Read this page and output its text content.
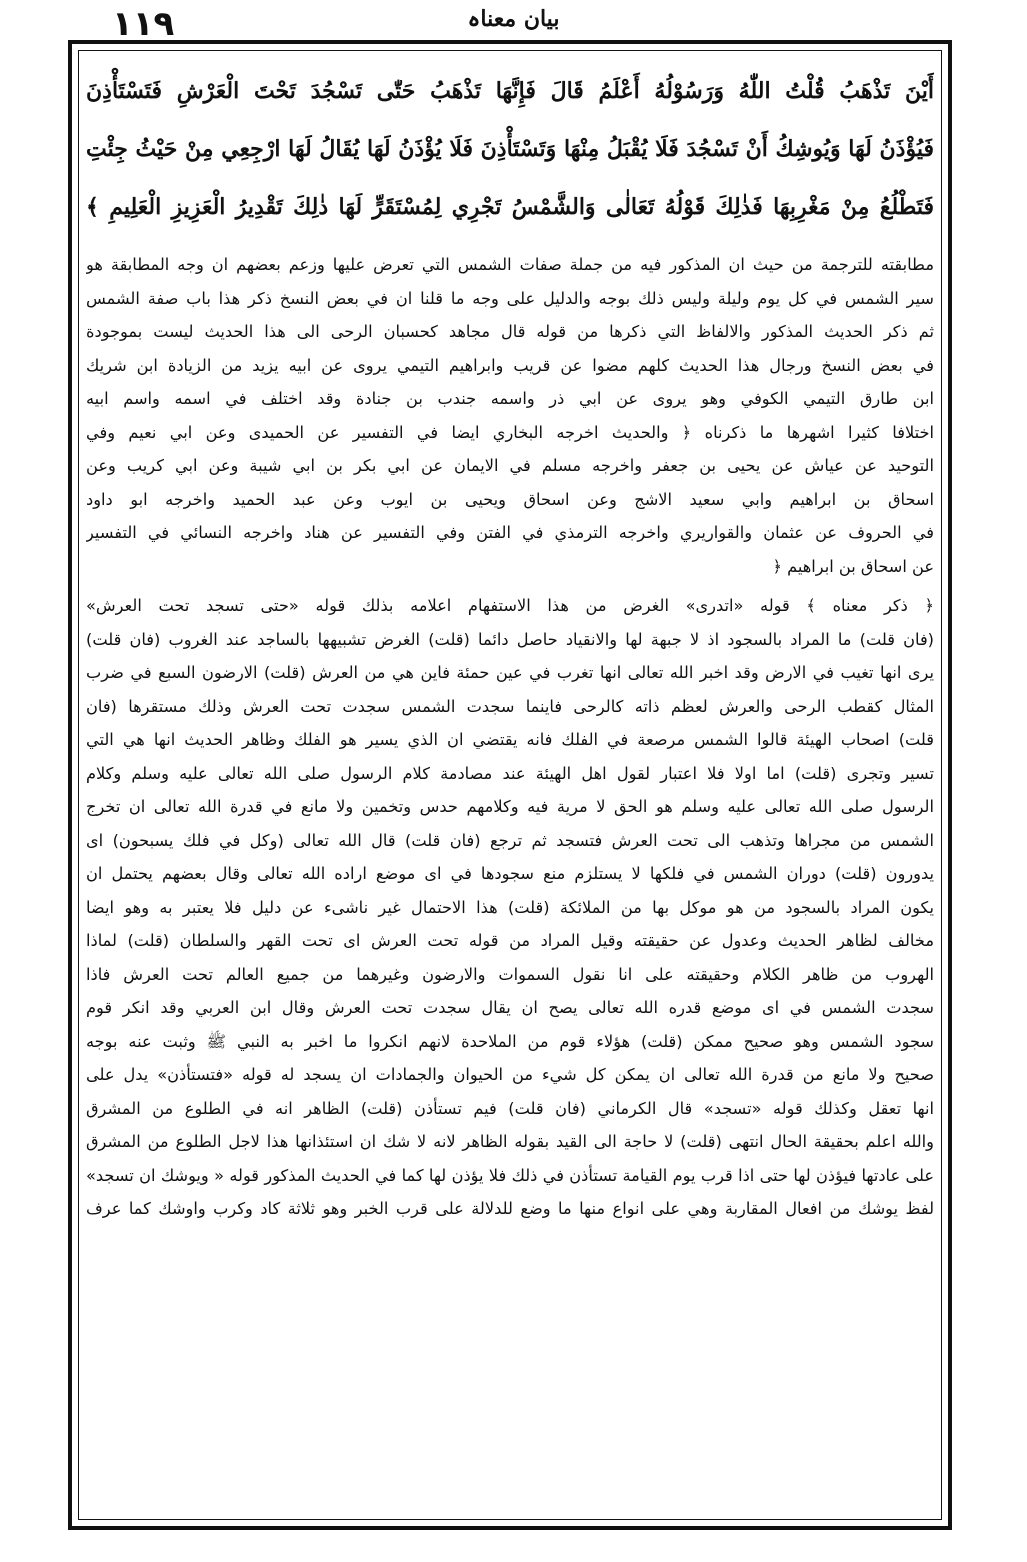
١١٩	بیان معناہ
أَيْنَ تَذْهَبُ قُلْتُ اللّٰهُ وَرَسُوْلُهُ أَعْلَمُ قَالَ فَإِنَّهَا تَذْهَبُ حَتّٰى تَسْجُدَ تَحْتَ الْعَرْشِ فَتَسْتَأْذِنَ
فَيُؤْذَنُ لَهَا وَيُوشِكُ أَنْ تَسْجُدَ فَلَا يُقْبَلُ مِنْهَا وَتَسْتَأْذِنَ فَلَا يُؤْذَنُ لَهَا يُقَالُ لَهَا ارْجِعِي مِنْ حَيْثُ جِئْتِ
فَتَطْلُعُ مِنْ مَغْرِبِهَا فَذٰلِكَ قَوْلُهُ تَعَالٰى وَالشَّمْسُ تَجْرِي لِمُسْتَقَرٍّ لَهَا ذٰلِكَ تَقْدِيرُ الْعَزِيزِ الْعَلِيمِ ﴾
مطابقته للترجمة من حيث ان المذكور فيه من جملة صفات الشمس التي تعرض عليها وزعم بعضهم ان وجه المطابقة هو
سير الشمس في كل يوم وليلة وليس ذلك بوجه والدليل على وجه ما قلنا ان في بعض النسخ ذكر هذا باب صفة الشمس
ثم ذكر الحديث المذكور والالفاظ التي ذكرها من قوله قال مجاهد كحسبان الرحى الى هذا الحديث ليست بموجودة
في بعض النسخ ورجال هذا الحديث كلهم مضوا عن قريب وابراهيم التيمي يروى عن ابيه يزيد من الزيادة ابن شريك
ابن طارق التيمي الكوفي وهو يروى عن ابي ذر واسمه جندب بن جنادة وقد اختلف في اسمه واسم ابيه
اختلافا كثيرا اشهرها ما ذكرناه ﴿ والحديث اخرجه البخاري ايضا في التفسير عن الحميدى وعن ابي نعيم وفي
التوحيد عن عياش عن يحيى بن جعفر واخرجه مسلم في الايمان عن ابي بكر بن ابي شيبة وعن ابي كريب وعن
اسحاق بن ابراهيم وابي سعيد الاشج وعن اسحاق ويحيى بن ايوب وعن عبد الحميد واخرجه ابو داود
في الحروف عن عثمان والقواريري واخرجه الترمذي في الفتن وفي التفسير عن هناد واخرجه النسائي في التفسير
عن اسحاق بن ابراهيم ﴿
﴿ ذكر معناه ﴾ قوله «اتدرى» الغرض من هذا الاستفهام اعلامه بذلك قوله «حتى تسجد تحت العرش»
(فان قلت) ما المراد بالسجود اذ لا جبهة لها والانقياد حاصل دائما (قلت) الغرض تشبيهها بالساجد عند الغروب (فان قلت)
يرى انها تغيب في الارض وقد اخبر الله تعالى انها تغرب في عين حمئة فاين هي من العرش (قلت) الارضون السبع في ضرب
المثال كقطب الرحى والعرش لعظم ذاته كالرحى فاينما سجدت الشمس سجدت تحت العرش وذلك مستقرها (فان
قلت) اصحاب الهيئة قالوا الشمس مرصعة في الفلك فانه يقتضي ان الذي يسير هو الفلك وظاهر الحديث انها هي التي
تسير وتجرى (قلت) اما اولا فلا اعتبار لقول اهل الهيئة عند مصادمة كلام الرسول صلى الله تعالى عليه وسلم وكلام
الرسول صلى الله تعالى عليه وسلم هو الحق لا مرية فيه وكلامهم حدس وتخمين ولا مانع في قدرة الله تعالى ان تخرج
الشمس من مجراها وتذهب الى تحت العرش فتسجد ثم ترجع (فان قلت) قال الله تعالى (وكل في فلك يسبحون) اى
يدورون (قلت) دوران الشمس في فلكها لا يستلزم منع سجودها في اى موضع اراده الله تعالى وقال بعضهم يحتمل ان
يكون المراد بالسجود من هو موكل بها من الملائكة (قلت) هذا الاحتمال غير ناشىء عن دليل فلا يعتبر به وهو ايضا
مخالف لظاهر الحديث وعدول عن حقيقته وقيل المراد من قوله تحت العرش اى تحت القهر والسلطان (قلت) لماذا
الهروب من ظاهر الكلام وحقيقته على انا نقول السموات والارضون وغيرهما من جميع العالم تحت العرش فاذا
سجدت الشمس في اى موضع قدره الله تعالى يصح ان يقال سجدت تحت العرش وقال ابن العربي وقد انكر قوم
سجود الشمس وهو صحيح ممكن (قلت) هؤلاء قوم من الملاحدة لانهم انكروا ما اخبر به النبي ﷺ وثبت عنه بوجه
صحيح ولا مانع من قدرة الله تعالى ان يمكن كل شيء من الحيوان والجمادات ان يسجد له قوله «فتستأذن» يدل على
انها تعقل وكذلك قوله «تسجد» قال الكرماني (فان قلت) فيم تستأذن (قلت) الظاهر انه في الطلوع من المشرق
والله اعلم بحقيقة الحال انتهى (قلت) لا حاجة الى القيد بقوله الظاهر لانه لا شك ان استئذانها هذا لاجل الطلوع من المشرق
على عادتها فيؤذن لها حتى اذا قرب يوم القيامة تستأذن في ذلك فلا يؤذن لها كما في الحديث المذكور قوله « ويوشك ان تسجد»
لفظ يوشك من افعال المقاربة وهي على انواع منها ما وضع للدلالة على قرب الخبر وهو ثلاثة كاد وكرب واوشك كما عرف
